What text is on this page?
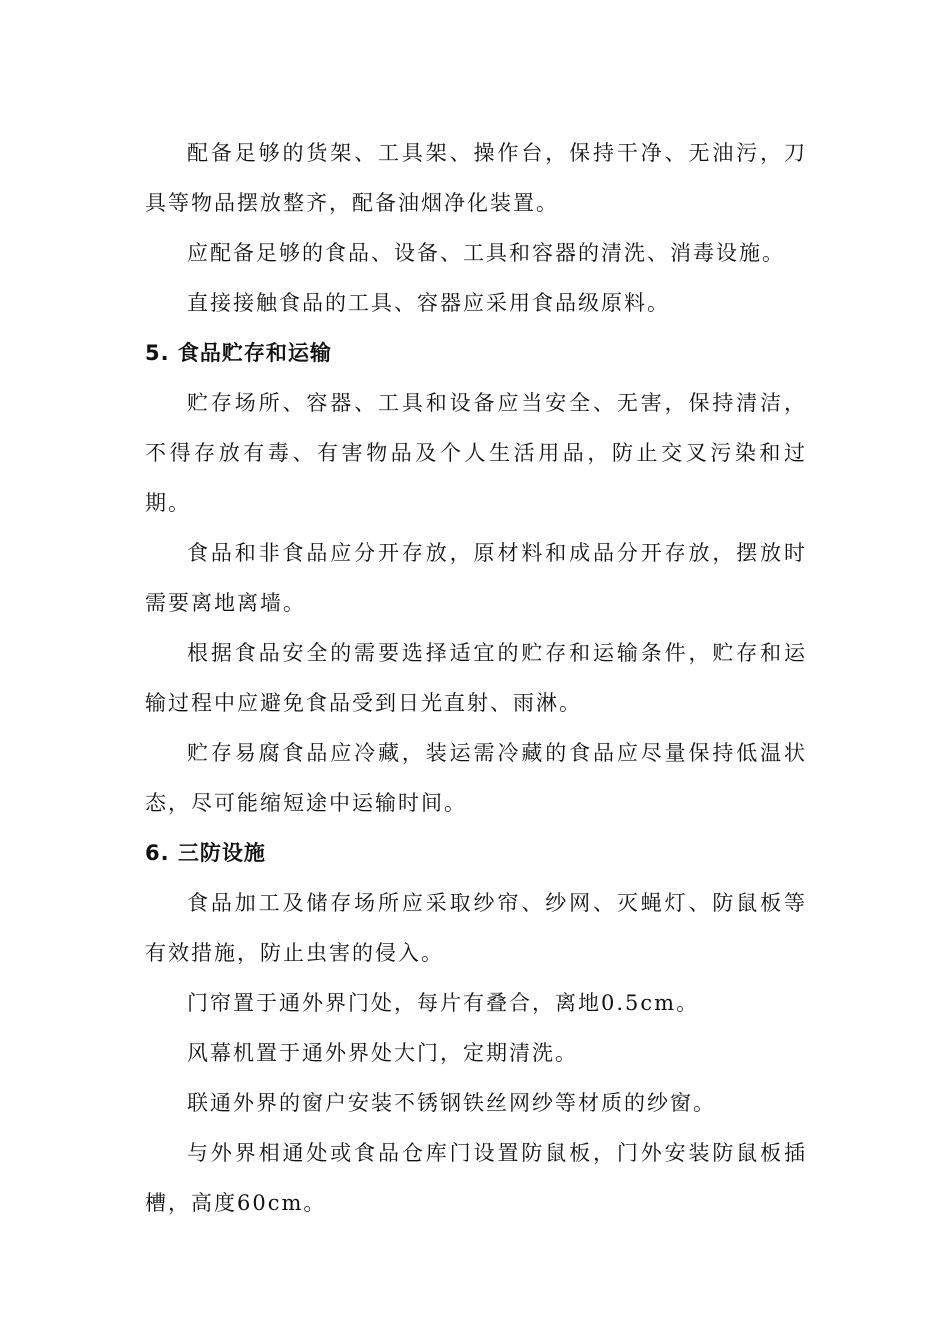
配备足够的货架、工具架、操作台，保持干净、无油污，刀具等物品摆放整齐，配备油烟净化装置。

应配备足够的食品、设备、工具和容器的清洗、消毒设施。

直接接触食品的工具、容器应采用食品级原料。

5. 食品贮存和运输

贮存场所、容器、工具和设备应当安全、无害，保持清洁，不得存放有毒、有害物品及个人生活用品，防止交叉污染和过期。

食品和非食品应分开存放，原材料和成品分开存放，摆放时需要离地离墙。

根据食品安全的需要选择适宜的贮存和运输条件，贮存和运输过程中应避免食品受到日光直射、雨淋。

贮存易腐食品应冷藏，装运需冷藏的食品应尽量保持低温状态，尽可能缩短途中运输时间。

6. 三防设施

食品加工及储存场所应采取纱帘、纱网、灭蝇灯、防鼠板等有效措施，防止虫害的侵入。

门帘置于通外界门处，每片有叠合，离地0.5cm。

风幕机置于通外界处大门，定期清洗。

联通外界的窗户安装不锈钢铁丝网纱等材质的纱窗。

与外界相通处或食品仓库门设置防鼠板，门外安装防鼠板插槽，高度60cm。
